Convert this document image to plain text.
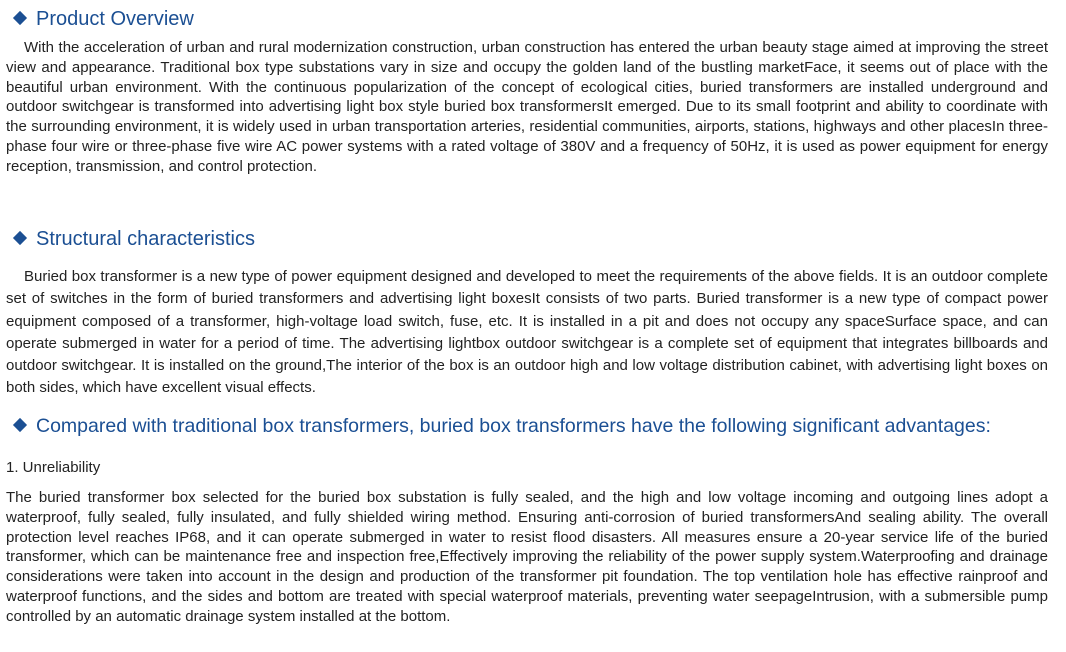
Product Overview

With the acceleration of urban and rural modernization construction, urban construction has entered the urban beauty stage aimed at improving the street view and appearance. Traditional box type substations vary in size and occupy the golden land of the bustling marketFace, it seems out of place with the beautiful urban environment. With the continuous popularization of the concept of ecological cities, buried transformers are installed underground and outdoor switchgear is transformed into advertising light box style buried box transformersIt emerged. Due to its small footprint and ability to coordinate with the surrounding environment, it is widely used in urban transportation arteries, residential communities, airports, stations, highways and other placesIn three-phase four wire or three-phase five wire AC power systems with a rated voltage of 380V and a frequency of 50Hz, it is used as power equipment for energy reception, transmission, and control protection.

Structural characteristics

Buried box transformer is a new type of power equipment designed and developed to meet the requirements of the above fields. It is an outdoor complete set of switches in the form of buried transformers and advertising light boxesIt consists of two parts. Buried transformer is a new type of compact power equipment composed of a transformer, high-voltage load switch, fuse, etc. It is installed in a pit and does not occupy any spaceSurface space, and can operate submerged in water for a period of time. The advertising lightbox outdoor switchgear is a complete set of equipment that integrates billboards and outdoor switchgear. It is installed on the ground,The interior of the box is an outdoor high and low voltage distribution cabinet, with advertising light boxes on both sides, which have excellent visual effects.

Compared with traditional box transformers, buried box transformers have the following significant advantages:

1. Unreliability

The buried transformer box selected for the buried box substation is fully sealed, and the high and low voltage incoming and outgoing lines adopt a waterproof, fully sealed, fully insulated, and fully shielded wiring method. Ensuring anti-corrosion of buried transformersAnd sealing ability. The overall protection level reaches IP68, and it can operate submerged in water to resist flood disasters. All measures ensure a 20-year service life of the buried transformer, which can be maintenance free and inspection free,Effectively improving the reliability of the power supply system.Waterproofing and drainage considerations were taken into account in the design and production of the transformer pit foundation. The top ventilation hole has effective rainproof and waterproof functions, and the sides and bottom are treated with special waterproof materials, preventing water seepageIntrusion, with a submersible pump controlled by an automatic drainage system installed at the bottom.
